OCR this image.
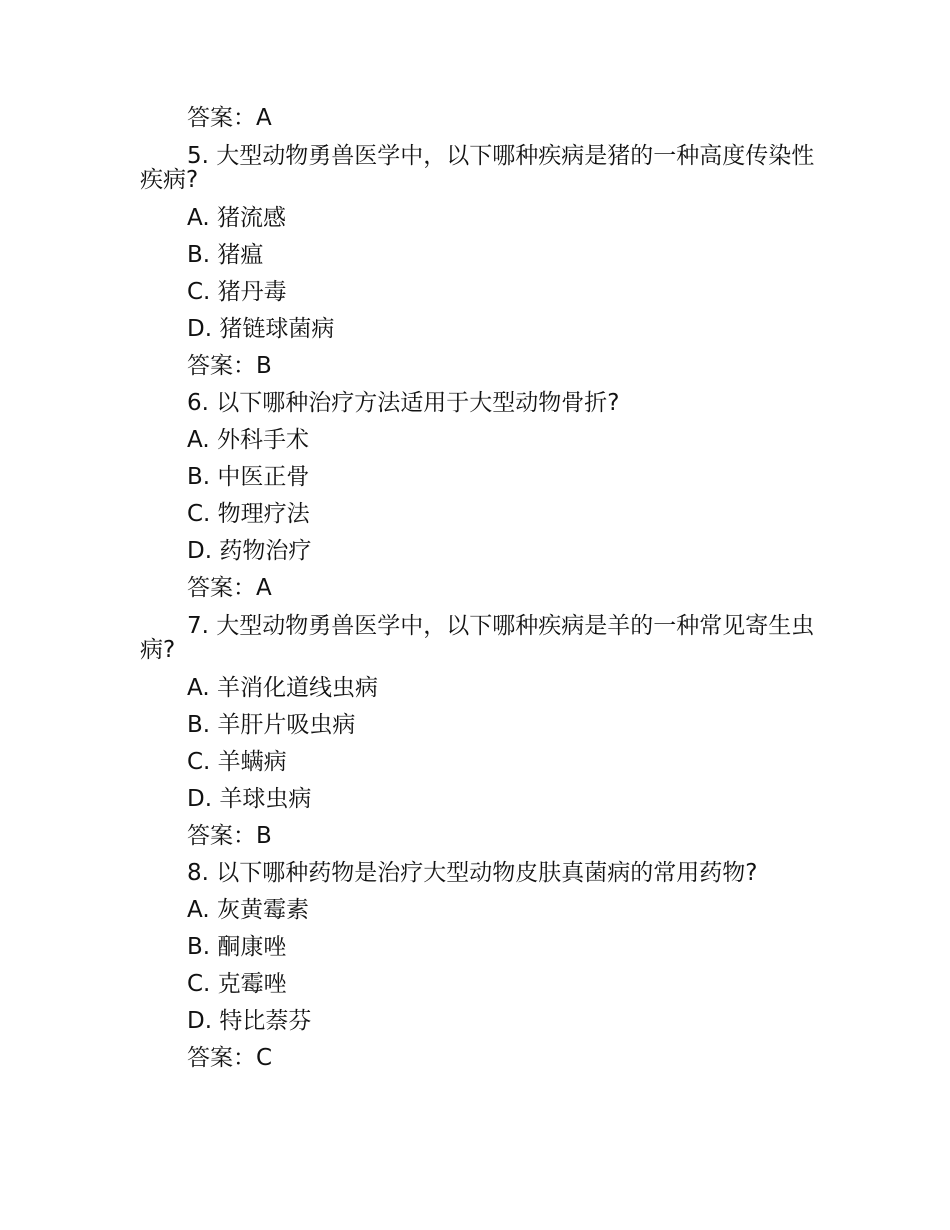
答案：A
5. 大型动物勇兽医学中，以下哪种疾病是猪的一种高度传染性疾病?
A. 猪流感
B. 猪瘟
C. 猪丹毒
D. 猪链球菌病
答案：B
6. 以下哪种治疗方法适用于大型动物骨折?
A. 外科手术
B. 中医正骨
C. 物理疗法
D. 药物治疗
答案：A
7. 大型动物勇兽医学中，以下哪种疾病是羊的一种常见寄生虫病?
A. 羊消化道线虫病
B. 羊肝片吸虫病
C. 羊螨病
D. 羊球虫病
答案：B
8. 以下哪种药物是治疗大型动物皮肤真菌病的常用药物?
A. 灰黄霉素
B. 酮康唑
C. 克霉唑
D. 特比萘芬
答案：C
